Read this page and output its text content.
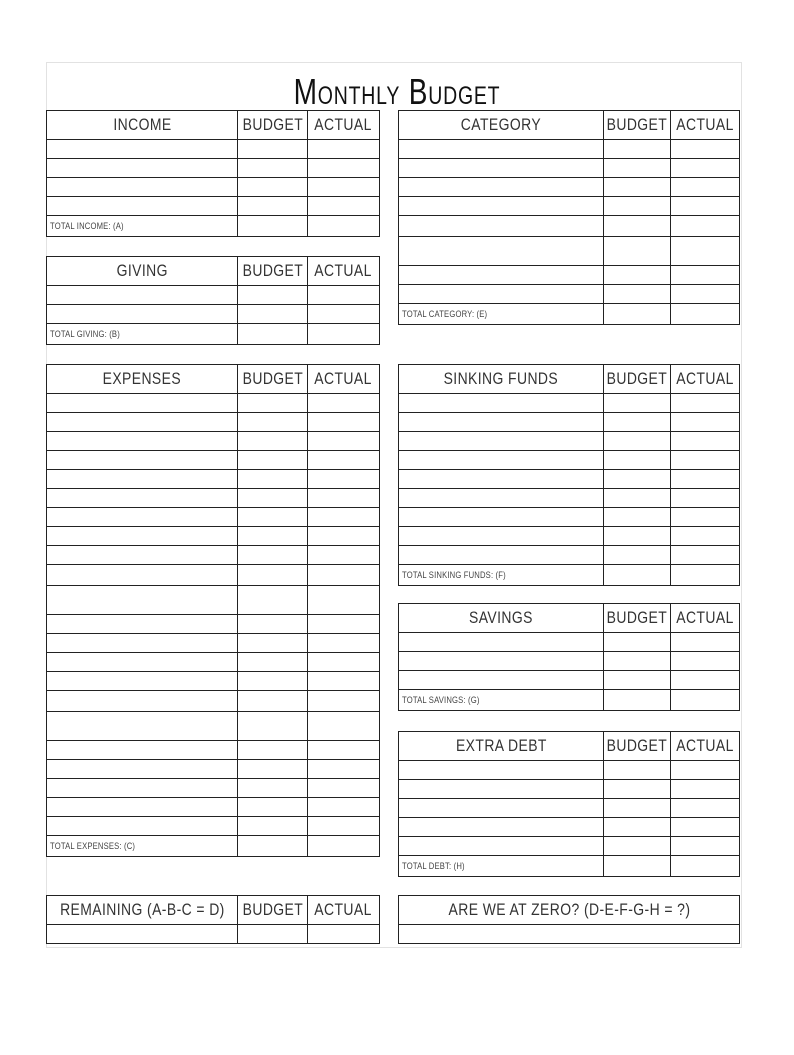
Monthly Budget
INCOME	BUDGET ACTUAL
TOTAL INCOME: (A)
GIVING	BUDGET ACTUAL
TOTAL GIVING: (B)
EXPENSES	BUDGET ACTUAL
TOTAL EXPENSES: (C)
REMAINING (A-B-C = D) BUDGET ACTUAL
CATEGORY	BUDGET ACTUAL
TOTAL CATEGORY: (E)
SINKING FUNDS	BUDGET ACTUAL
TOTAL SINKING FUNDS: (F)
SAVINGS	BUDGET ACTUAL
TOTAL SAVINGS: (G)
EXTRA DEBT	BUDGET ACTUAL
TOTAL DEBT: (H)
ARE WE AT ZERO? (D-E-F-G-H = ?)
